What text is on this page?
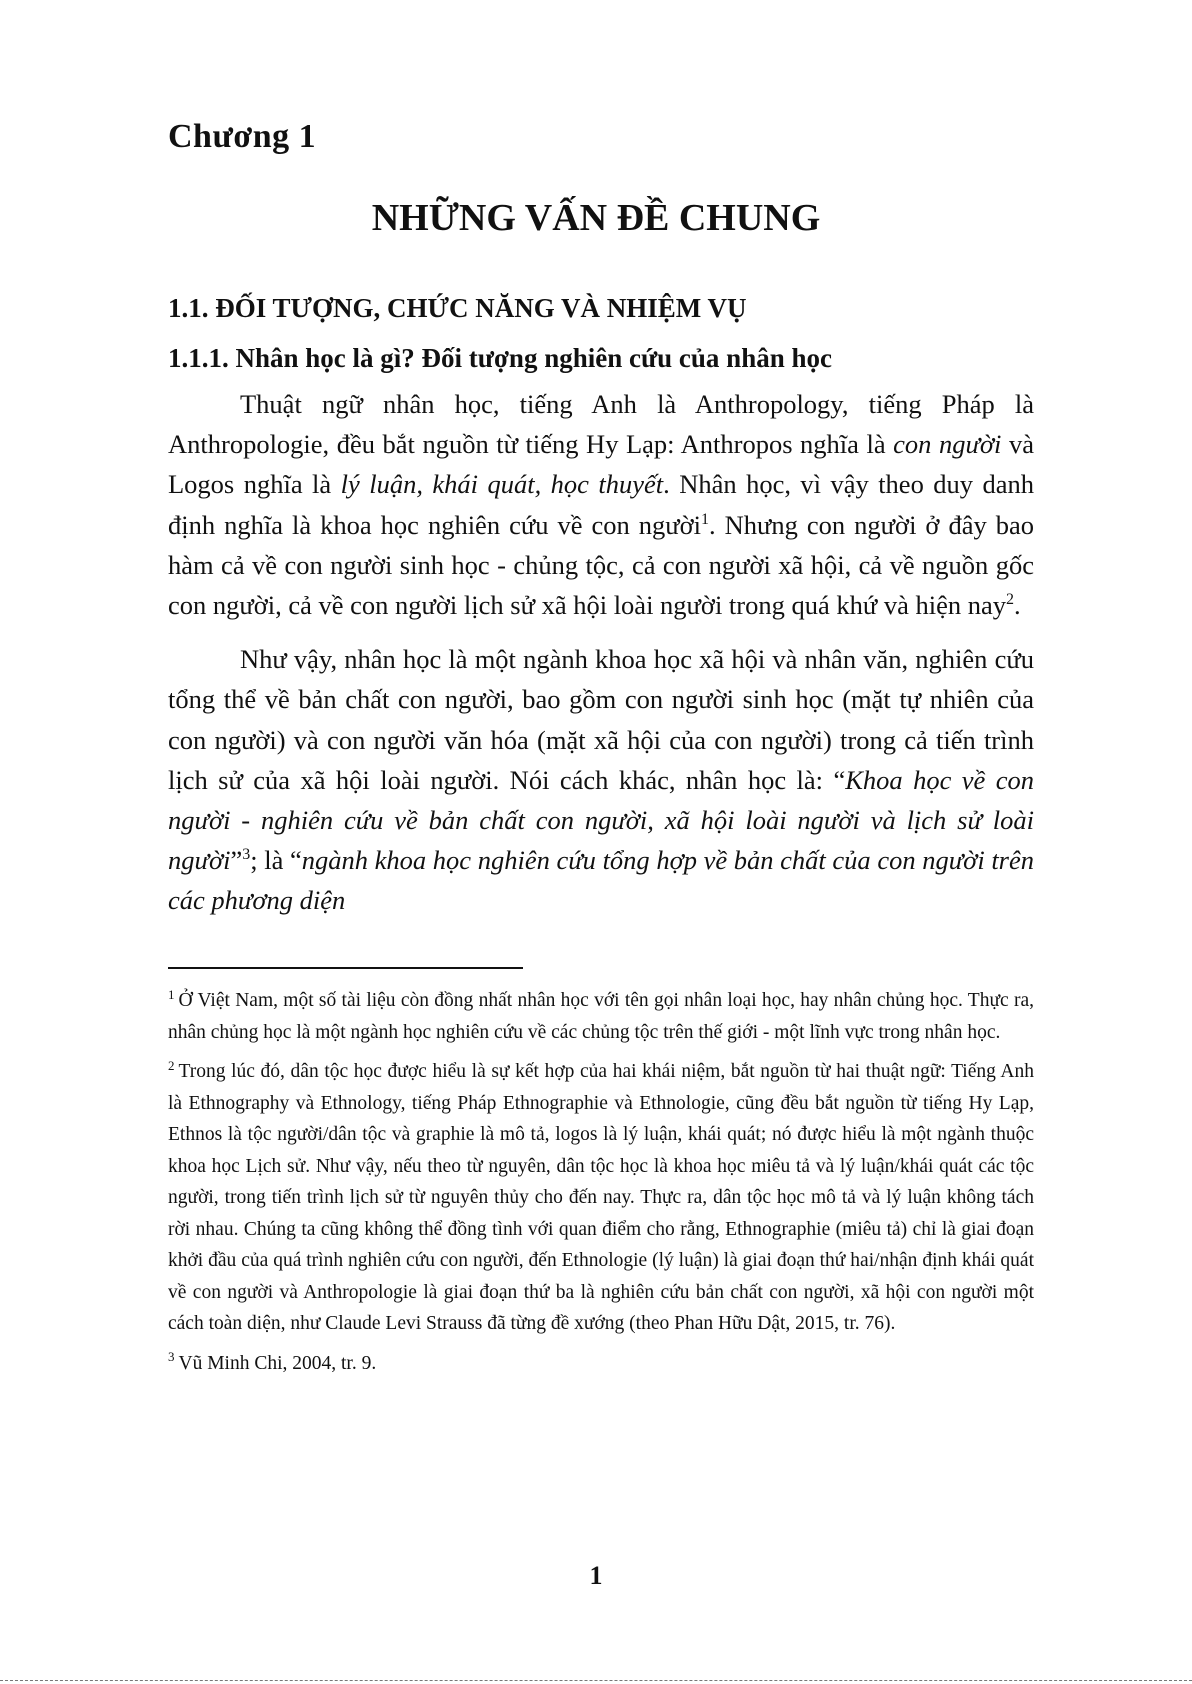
Chương 1
NHỮNG VẤN ĐỀ CHUNG
1.1. ĐỐI TƯỢNG, CHỨC NĂNG VÀ NHIỆM VỤ
1.1.1. Nhân học là gì? Đối tượng nghiên cứu của nhân học

Thuật ngữ nhân học, tiếng Anh là Anthropology, tiếng Pháp là Anthropologie, đều bắt nguồn từ tiếng Hy Lạp: Anthropos nghĩa là con người và Logos nghĩa là lý luận, khái quát, học thuyết. Nhân học, vì vậy theo duy danh định nghĩa là khoa học nghiên cứu về con người$^1$. Nhưng con người ở đây bao hàm cả về con người sinh học - chủng tộc, cả con người xã hội, cả về nguồn gốc con người, cả về con người lịch sử xã hội loài người trong quá khứ và hiện nay$^2$.

Như vậy, nhân học là một ngành khoa học xã hội và nhân văn, nghiên cứu tổng thể về bản chất con người, bao gồm con người sinh học (mặt tự nhiên của con người) và con người văn hóa (mặt xã hội của con người) trong cả tiến trình lịch sử của xã hội loài người. Nói cách khác, nhân học là: “Khoa học về con người - nghiên cứu về bản chất con người, xã hội loài người và lịch sử loài người”$^3$; là “ngành khoa học nghiên cứu tổng hợp về bản chất của con người trên các phương diện

$^1$ Ở Việt Nam, một số tài liệu còn đồng nhất nhân học với tên gọi nhân loại học, hay nhân chủng học. Thực ra, nhân chủng học là một ngành học nghiên cứu về các chủng tộc trên thế giới - một lĩnh vực trong nhân học.

$^2$ Trong lúc đó, dân tộc học được hiểu là sự kết hợp của hai khái niệm, bắt nguồn từ hai thuật ngữ: Tiếng Anh là Ethnography và Ethnology, tiếng Pháp Ethnographie và Ethnologie, cũng đều bắt nguồn từ tiếng Hy Lạp, Ethnos là tộc người/dân tộc và graphie là mô tả, logos là lý luận, khái quát; nó được hiểu là một ngành thuộc khoa học Lịch sử. Như vậy, nếu theo từ nguyên, dân tộc học là khoa học miêu tả và lý luận/khái quát các tộc người, trong tiến trình lịch sử từ nguyên thủy cho đến nay. Thực ra, dân tộc học mô tả và lý luận không tách rời nhau. Chúng ta cũng không thể đồng tình với quan điểm cho rằng, Ethnographie (miêu tả) chỉ là giai đoạn khởi đầu của quá trình nghiên cứu con người, đến Ethnologie (lý luận) là giai đoạn thứ hai/nhận định khái quát về con người và Anthropologie là giai đoạn thứ ba là nghiên cứu bản chất con người, xã hội con người một cách toàn diện, như Claude Levi Strauss đã từng đề xướng (theo Phan Hữu Dật, 2015, tr. 76).

$^3$ Vũ Minh Chi, 2004, tr. 9.

1
